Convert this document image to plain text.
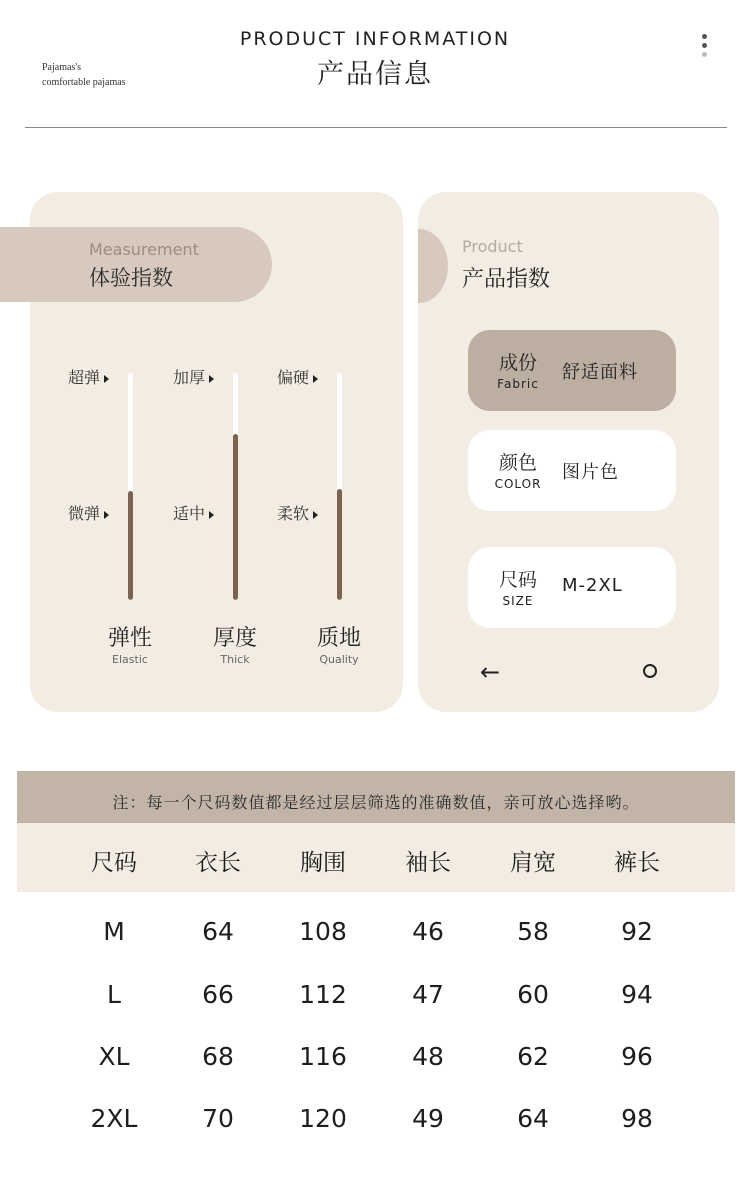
Pajamas's
comfortable pajamas
PRODUCT INFORMATION
产品信息
Measurement
体验指数
超弹
微弹
弹性
Elastic
加厚
适中
厚度
Thick
偏硬
柔软
质地
Quality
Product
产品指数
成份
Fabric
舒适面料
颜色
COLOR
图片色
尺码
SIZE
M-2XL
←
注：每一个尺码数值都是经过层层筛选的准确数值，亲可放心选择哟。
尺码	衣长	胸围	袖长	肩宽	裤长
M	64	108	46	58	92
L	66	112	47	60	94
XL	68	116	48	62	96
2XL	70	120	49	64	98
